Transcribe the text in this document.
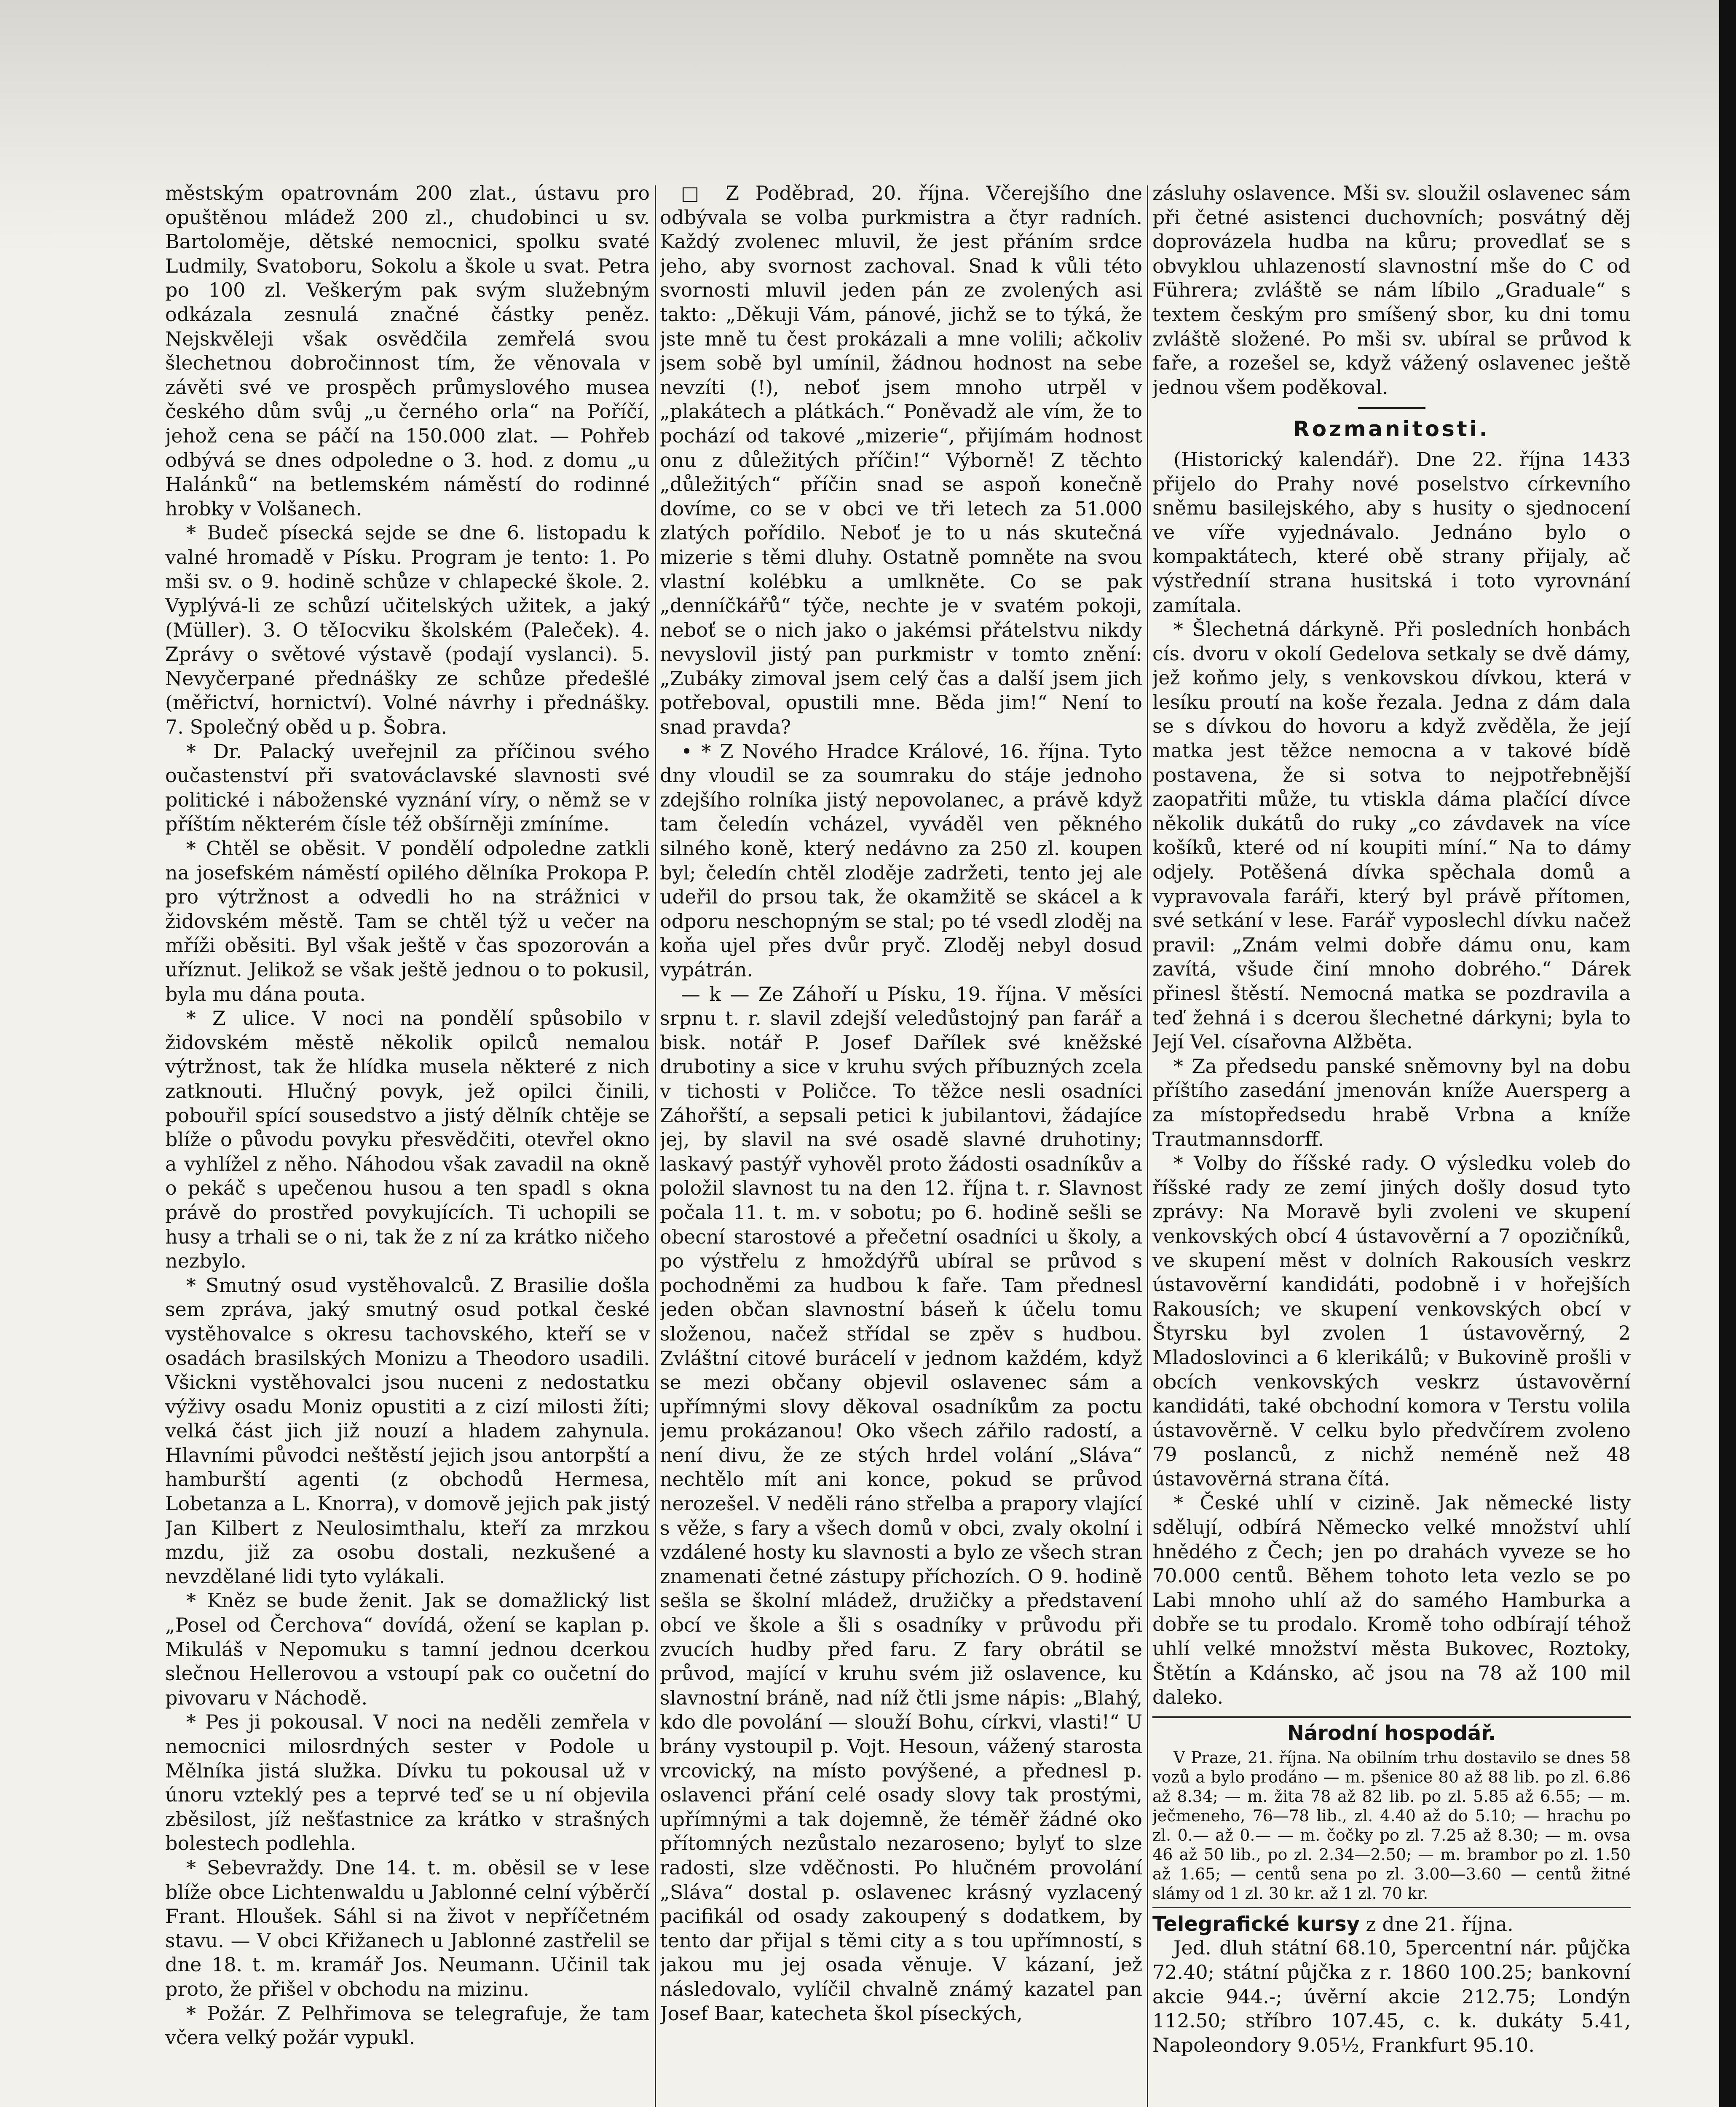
městským opatrovnám 200 zlat., ústavu pro opuštěnou mládež 200 zl., chudobinci u sv. Bartoloměje, dětské nemocnici, spolku svaté Ludmily, Svatoboru, Sokolu a škole u svat. Petra po 100 zl. Veškerým pak svým služebným odkázala zesnulá značné částky peněz. Nejskvěleji však osvědčila zemřelá svou šlechetnou dobročinnost tím, že věnovala v závěti své ve prospěch průmyslového musea českého dům svůj „u černého orla“ na Poříčí, jehož cena se páčí na 150.000 zlat. — Pohřeb odbývá se dnes odpoledne o 3. hod. z domu „u Halánků“ na betlemském náměstí do rodinné hrobky v Volšanech.

* Budeč písecká sejde se dne 6. listopadu k valné hromadě v Písku. Program je tento: 1. Po mši sv. o 9. hodině schůze v chlapecké škole. 2. Vyplývá-li ze schůzí učitelských užitek, a jaký (Müller). 3. O těIocviku školském (Paleček). 4. Zprávy o světové výstavě (podají vyslanci). 5. Nevyčerpané přednášky ze schůze předešlé (měřictví, hornictví). Volné návrhy i přednášky. 7. Společný oběd u p. Šobra.

* Dr. Palacký uveřejnil za příčinou svého oučastenství při svatováclavské slavnosti své politické i náboženské vyznání víry, o němž se v příštím některém čísle též obšírněji zmíníme.

* Chtěl se oběsit. V pondělí odpoledne zatkli na josefském náměstí opilého dělníka Prokopa P. pro výtržnost a odvedli ho na strážnici v židovském městě. Tam se chtěl týž u večer na mříži oběsiti. Byl však ještě v čas spozorován a uříznut. Jelikož se však ještě jednou o to pokusil, byla mu dána pouta.

* Z ulice. V noci na pondělí spůsobilo v židovském městě několik opilců nemalou výtržnost, tak že hlídka musela některé z nich zatknouti. Hlučný povyk, jež opilci činili, pobouřil spící sousedstvo a jistý dělník chtěje se blíže o původu povyku přesvědčiti, otevřel okno a vyhlížel z něho. Náhodou však zavadil na okně o pekáč s upečenou husou a ten spadl s okna právě do prostřed povykujících. Ti uchopili se husy a trhali se o ni, tak že z ní za krátko ničeho nezbylo.

* Smutný osud vystěhovalců. Z Brasilie došla sem zpráva, jaký smutný osud potkal české vystěhovalce s okresu tachovského, kteří se v osadách brasilských Monizu a Theodoro usadili. Všickni vystěhovalci jsou nuceni z nedostatku výživy osadu Moniz opustiti a z cizí milosti žíti; velká část jich již nouzí a hladem zahynula. Hlavními původci neštěstí jejich jsou antorpští a hamburští agenti (z obchodů Hermesa, Lobetanza a L. Knorra), v domově jejich pak jistý Jan Kilbert z Neulosimthalu, kteří za mrzkou mzdu, již za osobu dostali, nezkušené a nevzdělané lidi tyto vylákali.

* Kněz se bude ženit. Jak se domažlický list „Posel od Čerchova“ dovídá, ožení se kaplan p. Mikuláš v Nepomuku s tamní jednou dcerkou slečnou Hellerovou a vstoupí pak co oučetní do pivovaru v Náchodě.

* Pes ji pokousal. V noci na neděli zemřela v nemocnici milosrdných sester v Podole u Mělníka jistá služka. Dívku tu pokousal už v únoru vzteklý pes a teprvé teď se u ní objevila zběsilost, jíž nešťastnice za krátko v strašných bolestech podlehla.

* Sebevraždy. Dne 14. t. m. oběsil se v lese blíže obce Lichtenwaldu u Jablonné celní výběrčí Frant. Hloušek. Sáhl si na život v nepříčetném stavu. — V obci Křižanech u Jablonné zastřelil se dne 18. t. m. kramář Jos. Neumann. Učinil tak proto, že přišel v obchodu na mizinu.

* Požár. Z Pelhřimova se telegrafuje, že tam včera velký požár vypukl.

□ Z Poděbrad, 20. října. Včerejšího dne odbývala se volba purkmistra a čtyr radních. Každý zvolenec mluvil, že jest přáním srdce jeho, aby svornost zachoval. Snad k vůli této svornosti mluvil jeden pán ze zvolených asi takto: „Děkuji Vám, pánové, jichž se to týká, že jste mně tu čest prokázali a mne volili; ačkoliv jsem sobě byl umínil, žádnou hodnost na sebe nevzíti (!), neboť jsem mnoho utrpěl v „plakátech a plátkách.“ Poněvadž ale vím, že to pochází od takové „mizerie“, přijímám hodnost onu z důležitých příčin!“ Výborně! Z těchto „důležitých“ příčin snad se aspoň konečně dovíme, co se v obci ve tři letech za 51.000 zlatých pořídilo. Neboť je to u nás skutečná mizerie s těmi dluhy. Ostatně pomněte na svou vlastní kolébku a umlkněte. Co se pak „denníčkářů“ týče, nechte je v svatém pokoji, neboť se o nich jako o jakémsi přátelstvu nikdy nevyslovil jistý pan purkmistr v tomto znění: „Zubáky zimoval jsem celý čas a další jsem jich potřeboval, opustili mne. Běda jim!“ Není to snad pravda?

• * Z Nového Hradce Králové, 16. října. Tyto dny vloudil se za soumraku do stáje jednoho zdejšího rolníka jistý nepovolanec, a právě když tam čeledín vcházel, vyváděl ven pěkného silného koně, který nedávno za 250 zl. koupen byl; čeledín chtěl zloděje zadržeti, tento jej ale udeřil do prsou tak, že okamžitě se skácel a k odporu neschopným se stal; po té vsedl zloděj na koňa ujel přes dvůr pryč. Zloděj nebyl dosud vypátrán.

— k — Ze Záhoří u Písku, 19. října. V měsíci srpnu t. r. slavil zdejší veledůstojný pan farář a bisk. notář P. Josef Dařílek své kněžské drubotiny a sice v kruhu svých příbuzných zcela v tichosti v Poličce. To těžce nesli osadníci Záhořští, a sepsali petici k jubilantovi, žádajíce jej, by slavil na své osadě slavné druhotiny; laskavý pastýř vyhověl proto žádosti osadníkův a položil slavnost tu na den 12. října t. r. Slavnost počala 11. t. m. v sobotu; po 6. hodině sešli se obecní starostové a přečetní osadníci u školy, a po výstřelu z hmoždýřů ubíral se průvod s pochodněmi za hudbou k faře. Tam přednesl jeden občan slavnostní báseň k účelu tomu složenou, načež střídal se zpěv s hudbou. Zvláštní citové burácelí v jednom každém, když se mezi občany objevil oslavenec sám a upřímnými slovy děkoval osadníkům za poctu jemu prokázanou! Oko všech zářilo radostí, a není divu, že ze stých hrdel volání „Sláva“ nechtělo mít ani konce, pokud se průvod nerozešel. V neděli ráno střelba a prapory vlající s věže, s fary a všech domů v obci, zvaly okolní i vzdálené hosty ku slavnosti a bylo ze všech stran znamenati četné zástupy příchozích. O 9. hodině sešla se školní mládež, družičky a představení obcí ve škole a šli s osadníky v průvodu při zvucích hudby před faru. Z fary obrátil se průvod, mající v kruhu svém již oslavence, ku slavnostní bráně, nad níž čtli jsme nápis: „Blahý, kdo dle povolání — slouží Bohu, církvi, vlasti!“ U brány vystoupil p. Vojt. Hesoun, vážený starosta vrcovický, na místo povýšené, a přednesl p. oslavenci přání celé osady slovy tak prostými, upřímnými a tak dojemně, že téměř žádné oko přítomných nezůstalo nezaroseno; bylyť to slze radosti, slze vděčnosti. Po hlučném provolání „Sláva“ dostal p. oslavenec krásný vyzlacený pacifikál od osady zakoupený s dodatkem, by tento dar přijal s těmi city a s tou upřímností, s jakou mu jej osada věnuje. V kázaní, jež následovalo, vylíčil chvalně známý kazatel pan Josef Baar, katecheta škol píseckých,

zásluhy oslavence. Mši sv. sloužil oslavenec sám při četné asistenci duchovních; posvátný děj doprovázela hudba na kůru; provedlať se s obvyklou uhlazeností slavnostní mše do C od Führera; zvláště se nám líbilo „Graduale“ s textem českým pro smíšený sbor, ku dni tomu zvláště složené. Po mši sv. ubíral se průvod k faře, a rozešel se, když vážený oslavenec ještě jednou všem poděkoval.

Rozmanitosti.

(Historický kalendář). Dne 22. října 1433 přijelo do Prahy nové poselstvo církevního sněmu basilejského, aby s husity o sjednocení ve víře vyjednávalo. Jednáno bylo o kompaktátech, které obě strany přijaly, ač výstředníí strana husitská i toto vyrovnání zamítala.

* Šlechetná dárkyně. Při posledních honbách cís. dvoru v okolí Gedelova setkaly se dvě dámy, jež koňmo jely, s venkovskou dívkou, která v lesíku proutí na koše řezala. Jedna z dám dala se s dívkou do hovoru a když zvěděla, že její matka jest těžce nemocna a v takové bídě postavena, že si sotva to nejpotřebnější zaopatřiti může, tu vtiskla dáma plačící dívce několik dukátů do ruky „co závdavek na více košíků, které od ní koupiti míní.“ Na to dámy odjely. Potěšená dívka spěchala domů a vypravovala faráři, který byl právě přítomen, své setkání v lese. Farář vyposlechl dívku načež pravil: „Znám velmi dobře dámu onu, kam zavítá, všude činí mnoho dobrého.“ Dárek přinesl štěstí. Nemocná matka se pozdravila a teď žehná i s dcerou šlechetné dárkyni; byla to Její Vel. císařovna Alžběta.

* Za předsedu panské sněmovny byl na dobu příštího zasedání jmenován kníže Auersperg a za místopředsedu hrabě Vrbna a kníže Trautmannsdorff.

* Volby do říšské rady. O výsledku voleb do říšské rady ze zemí jiných došly dosud tyto zprávy: Na Moravě byli zvoleni ve skupení venkovských obcí 4 ústavověrní a 7 opozičníků, ve skupení měst v dolních Rakousích veskrz ústavověrní kandidáti, podobně i v hořejších Rakousích; ve skupení venkovských obcí v Štyrsku byl zvolen 1 ústavověrný, 2 Mladoslovinci a 6 klerikálů; v Bukovině prošli v obcích venkovských veskrz ústavověrní kandidáti, také obchodní komora v Terstu volila ústavověrně. V celku bylo předvčírem zvoleno 79 poslanců, z nichž neméně než 48 ústavověrná strana čítá.

* České uhlí v cizině. Jak německé listy sdělují, odbírá Německo velké množství uhlí hnědého z Čech; jen po drahách vyveze se ho 70.000 centů. Během tohoto leta vezlo se po Labi mnoho uhlí až do samého Hamburka a dobře se tu prodalo. Kromě toho odbírají téhož uhlí velké množství města Bukovec, Roztoky, Štětín a Kdánsko, ač jsou na 78 až 100 mil daleko.

Národní hospodář.

V Praze, 21. října. Na obilním trhu dostavilo se dnes 58 vozů a bylo prodáno — m. pšenice 80 až 88 lib. po zl. 6.86 až 8.34; — m. žita 78 až 82 lib. po zl. 5.85 až 6.55; — m. ječmeneho, 76—78 lib., zl. 4.40 až do 5.10; — hrachu po zl. 0.— až 0.— — m. čočky po zl. 7.25 až 8.30; — m. ovsa 46 až 50 lib., po zl. 2.34—2.50; — m. brambor po zl. 1.50 až 1.65; — centů sena po zl. 3.00—3.60 — centů žitné slámy od 1 zl. 30 kr. až 1 zl. 70 kr.

Telegrafické kursy z dne 21. října.

Jed. dluh státní 68.10, 5percentní nár. půjčka 72.40; státní půjčka z r. 1860 100.25; bankovní akcie 944.-; úvěrní akcie 212.75; Londýn 112.50; stříbro 107.45, c. k. dukáty 5.41, Napoleondory 9.05½, Frankfurt 95.10.
